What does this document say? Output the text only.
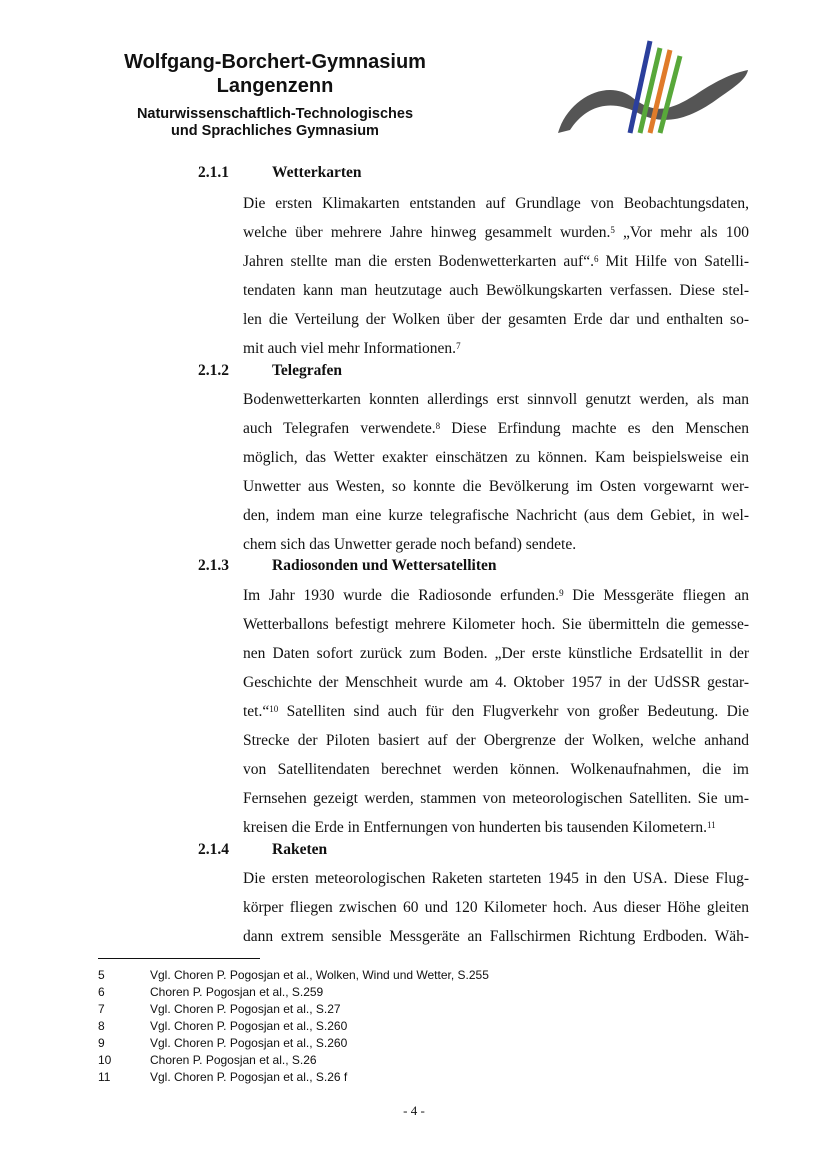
Wolfgang-Borchert-Gymnasium
Langenzenn
Naturwissenschaftlich-Technologisches
und Sprachliches Gymnasium
2.1.1	Wetterkarten
Die ersten Klimakarten entstanden auf Grundlage von Beobachtungsdaten,
welche über mehrere Jahre hinweg gesammelt wurden.$^5$ „Vor mehr als 100
Jahren stellte man die ersten Bodenwetterkarten auf“.$^6$ Mit Hilfe von Satelli-
tendaten kann man heutzutage auch Bewölkungskarten verfassen. Diese stel-
len die Verteilung der Wolken über der gesamten Erde dar und enthalten so-
mit auch viel mehr Informationen.$^7$
2.1.2	Telegrafen
Bodenwetterkarten konnten allerdings erst sinnvoll genutzt werden, als man
auch Telegrafen verwendete.$^8$ Diese Erfindung machte es den Menschen
möglich, das Wetter exakter einschätzen zu können. Kam beispielsweise ein
Unwetter aus Westen, so konnte die Bevölkerung im Osten vorgewarnt wer-
den, indem man eine kurze telegrafische Nachricht (aus dem Gebiet, in wel-
chem sich das Unwetter gerade noch befand) sendete.
2.1.3	Radiosonden und Wettersatelliten
Im Jahr 1930 wurde die Radiosonde erfunden.$^9$ Die Messgeräte fliegen an
Wetterballons befestigt mehrere Kilometer hoch. Sie übermitteln die gemesse-
nen Daten sofort zurück zum Boden. „Der erste künstliche Erdsatellit in der
Geschichte der Menschheit wurde am 4. Oktober 1957 in der UdSSR gestar-
tet.“$^{10}$ Satelliten sind auch für den Flugverkehr von großer Bedeutung. Die
Strecke der Piloten basiert auf der Obergrenze der Wolken, welche anhand
von Satellitendaten berechnet werden können. Wolkenaufnahmen, die im
Fernsehen gezeigt werden, stammen von meteorologischen Satelliten. Sie um-
kreisen die Erde in Entfernungen von hunderten bis tausenden Kilometern.$^{11}$
2.1.4	Raketen
Die ersten meteorologischen Raketen starteten 1945 in den USA. Diese Flug-
körper fliegen zwischen 60 und 120 Kilometer hoch. Aus dieser Höhe gleiten
dann extrem sensible Messgeräte an Fallschirmen Richtung Erdboden. Wäh-
5	Vgl. Choren P. Pogosjan et al., Wolken, Wind und Wetter, S.255
6	Choren P. Pogosjan et al., S.259
7	Vgl. Choren P. Pogosjan et al., S.27
8	Vgl. Choren P. Pogosjan et al., S.260
9	Vgl. Choren P. Pogosjan et al., S.260
10	Choren P. Pogosjan et al., S.26
11	Vgl. Choren P. Pogosjan et al., S.26 f
- 4 -
